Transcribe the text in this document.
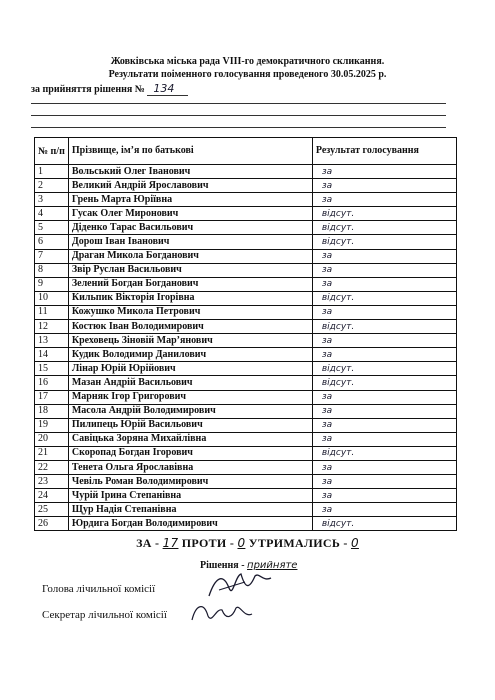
Жовківська міська рада VIII-го демократичного скликання.
Результати поіменного голосування проведеного 30.05.2025 р.
за прийняття рішення № 134
№ п/п	Прізвище, ім’я по батькові	Результат голосування
1	Вольський Олег Іванович	за
2	Великий Андрій Ярославович	за
3	Грень Марта Юріївна	за
4	Гусак Олег Миронович	відсут.
5	Діденко Тарас Васильович	відсут.
6	Дорош Іван Іванович	відсут.
7	Драган Микола Богданович	за
8	Звір Руслан Васильович	за
9	Зелений Богдан Богданович	за
10	Кильпик Вікторія Ігорівна	відсут.
11	Кожушко Микола Петрович	за
12	Костюк Іван Володимирович	відсут.
13	Креховець Зіновій Мар’янович	за
14	Кудик Володимир Данилович	за
15	Лінар Юрій Юрійович	відсут.
16	Мазан Андрій Васильович	відсут.
17	Марняк Ігор Григорович	за
18	Масола Андрій Володимирович	за
19	Пилипець Юрій Васильович	за
20	Савіцька Зоряна Михайлівна	за
21	Скоропад Богдан Ігорович	відсут.
22	Тенета Ольга Ярославівна	за
23	Чевіль Роман Володимирович	за
24	Чурій Ірина Степанівна	за
25	Щур Надія Степанівна	за
26	Юрдига Богдан Володимирович	відсут.
ЗА - 17 ПРОТИ - 0 УТРИМАЛИСЬ - 0
Рішення - прийняте
Голова лічильної комісії
Секретар лічильної комісії
